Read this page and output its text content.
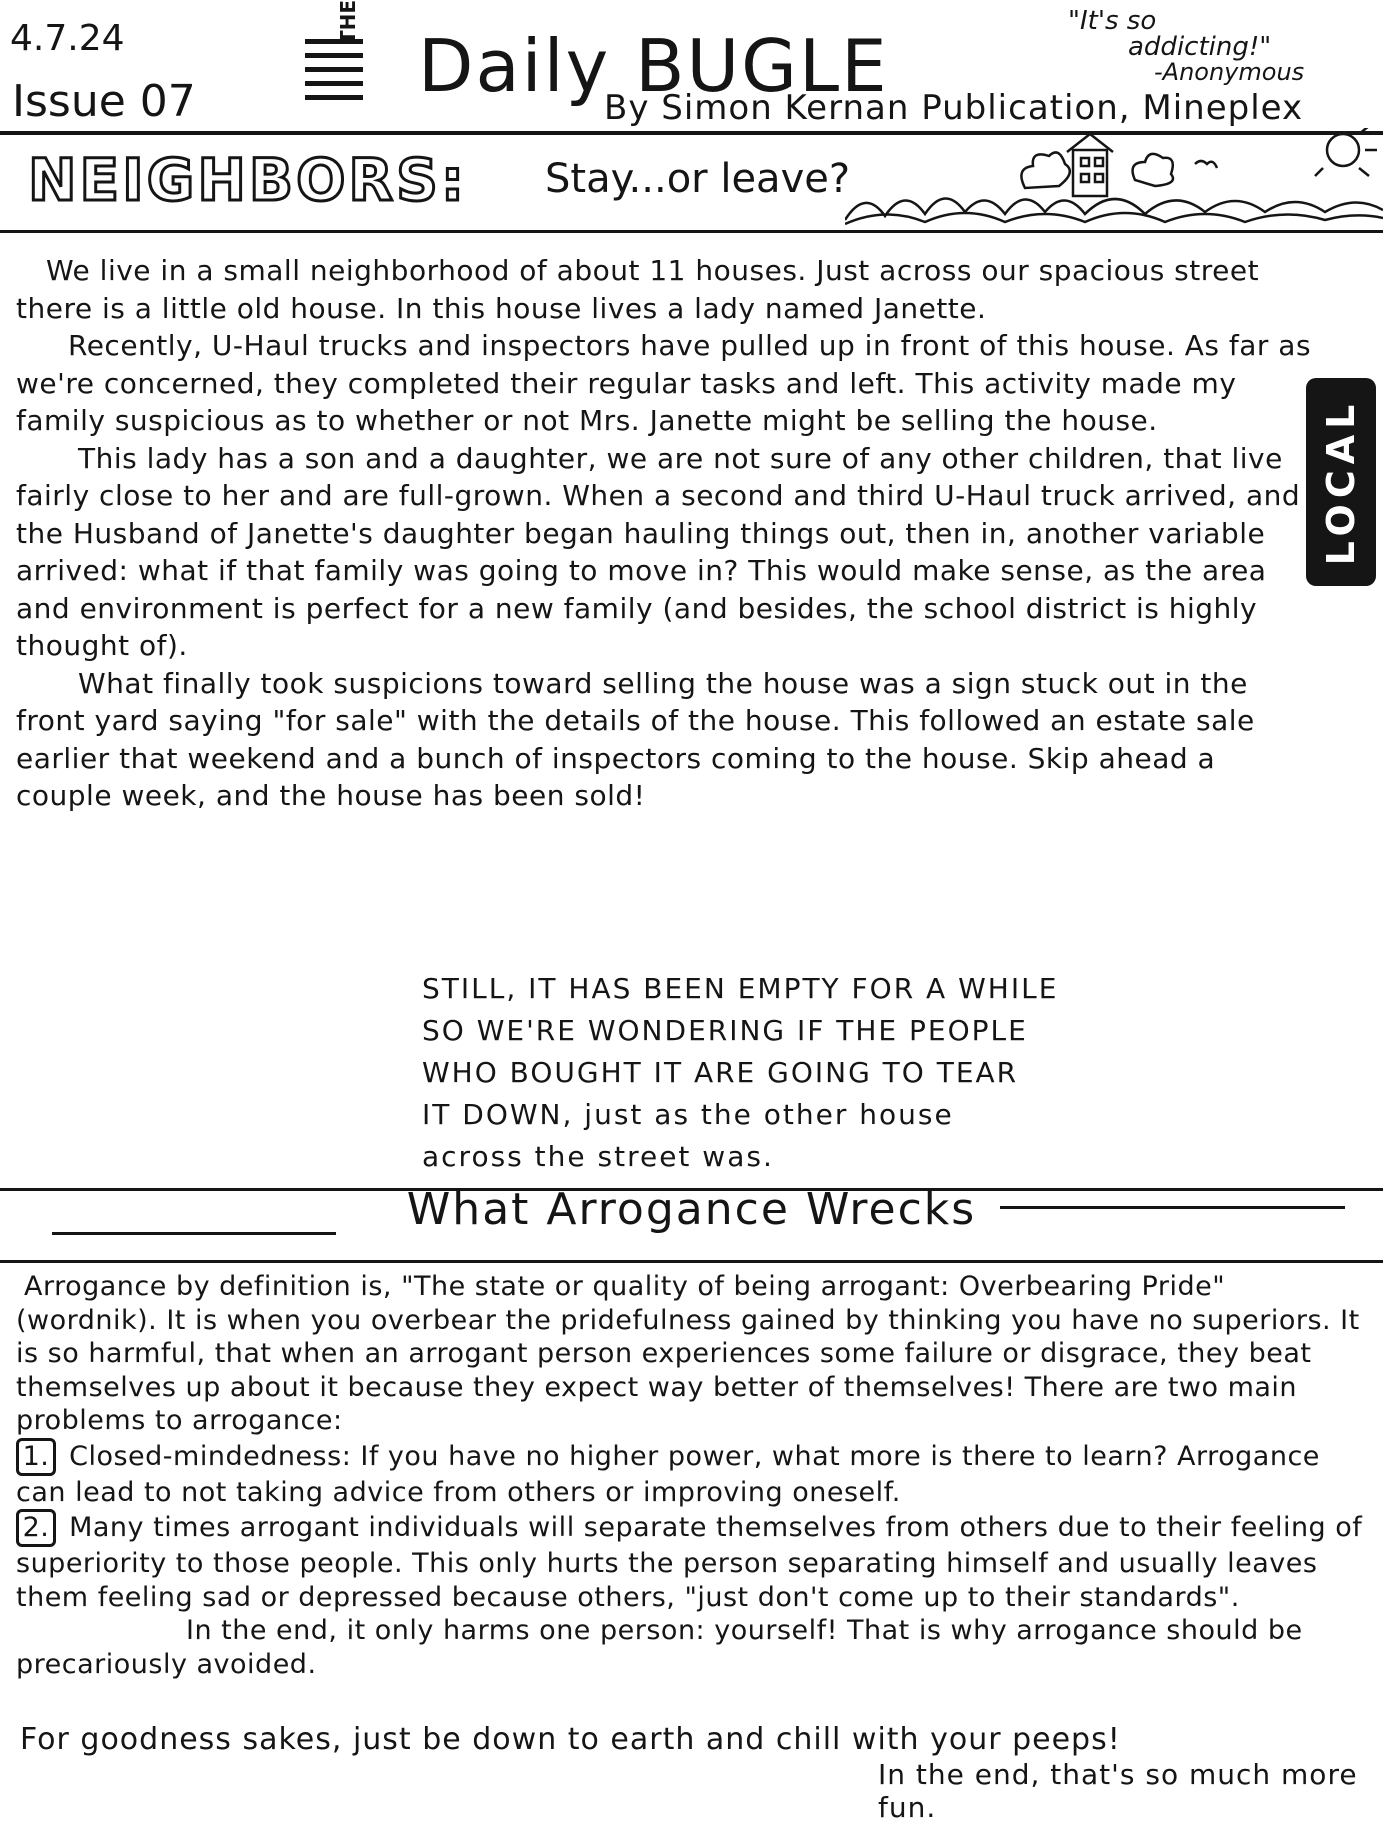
4.7.24
Issue 07
THE
Daily BUGLE
By Simon Kernan Publication, Mineplex
"It's so
addicting!"
-Anonymous
NEIGHBORS: Stay...or leave?

We live in a small neighborhood of about 11 houses. Just across our spacious street there is a little old house. In this house lives a lady named Janette.

Recently, U-Haul trucks and inspectors have pulled up in front of this house. As far as we're concerned, they completed their regular tasks and left. This activity made my family suspicious as to whether or not Mrs. Janette might be selling the house.

This lady has a son and a daughter, we are not sure of any other children, that live fairly close to her and are full-grown. When a second and third U-Haul truck arrived, and the Husband of Janette's daughter began hauling things out, then in, another variable arrived: what if that family was going to move in? This would make sense, as the area and environment is perfect for a new family (and besides, the school district is highly thought of).

What finally took suspicions toward selling the house was a sign stuck out in the front yard saying "for sale" with the details of the house. This followed an estate sale earlier that weekend and a bunch of inspectors coming to the house. Skip ahead a couple week, and the house has been sold!

STILL, IT HAS BEEN EMPTY FOR A WHILE

SO WE'RE WONDERING IF THE PEOPLE

WHO BOUGHT IT ARE GOING TO TEAR

IT DOWN, just as the other house

across the street was.

LOCAL
What Arrogance Wrecks

Arrogance by definition is, "The state or quality of being arrogant: Overbearing Pride" (wordnik). It is when you overbear the pridefulness gained by thinking you have no superiors. It is so harmful, that when an arrogant person experiences some failure or disgrace, they beat themselves up about it because they expect way better of themselves! There are two main problems to arrogance:

1. Closed-mindedness: If you have no higher power, what more is there to learn? Arrogance can lead to not taking advice from others or improving oneself.

2. Many times arrogant individuals will separate themselves from others due to their feeling of superiority to those people. This only hurts the person separating himself and usually leaves them feeling sad or depressed because others, "just don't come up to their standards".

In the end, it only harms one person: yourself! That is why arrogance should be precariously avoided.

For goodness sakes, just be down to earth and chill with your peeps!
In the end, that's so much more fun.
